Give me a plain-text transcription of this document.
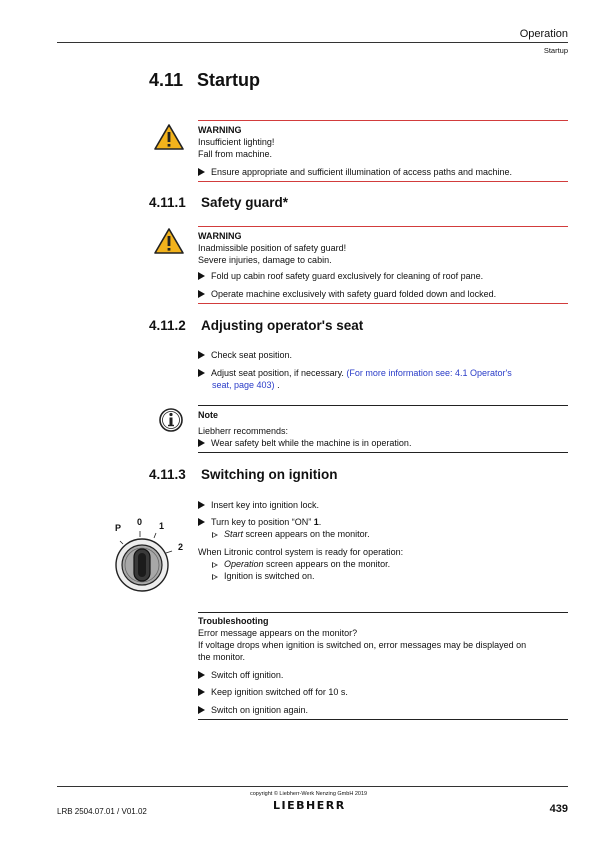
Operation
Startup
4.11 Startup
WARNING
Insufficient lighting!
Fall from machine.
Ensure appropriate and sufficient illumination of access paths and machine.
4.11.1 Safety guard*
WARNING
Inadmissible position of safety guard!
Severe injuries, damage to cabin.
Fold up cabin roof safety guard exclusively for cleaning of roof pane.
Operate machine exclusively with safety guard folded down and locked.
4.11.2 Adjusting operator's seat
Check seat position.
Adjust seat position, if necessary. (For more information see: 4.1 Operator's
seat, page 403) .
Note
Liebherr recommends:
Wear safety belt while the machine is in operation.
4.11.3 Switching on ignition
P
0 1
2
Insert key into ignition lock.
Turn key to position “ON” 1.
Start screen appears on the monitor.
When Litronic control system is ready for operation:
Operation screen appears on the monitor.
Ignition is switched on.
Troubleshooting
Error message appears on the monitor?
If voltage drops when ignition is switched on, error messages may be displayed on
the monitor.
Switch off ignition.
Keep ignition switched off for 10 s.
Switch on ignition again.
copyright © Liebherr-Werk Nenzing GmbH 2019
LIEBHERR
LRB 2504.07.01 / V01.02	439
